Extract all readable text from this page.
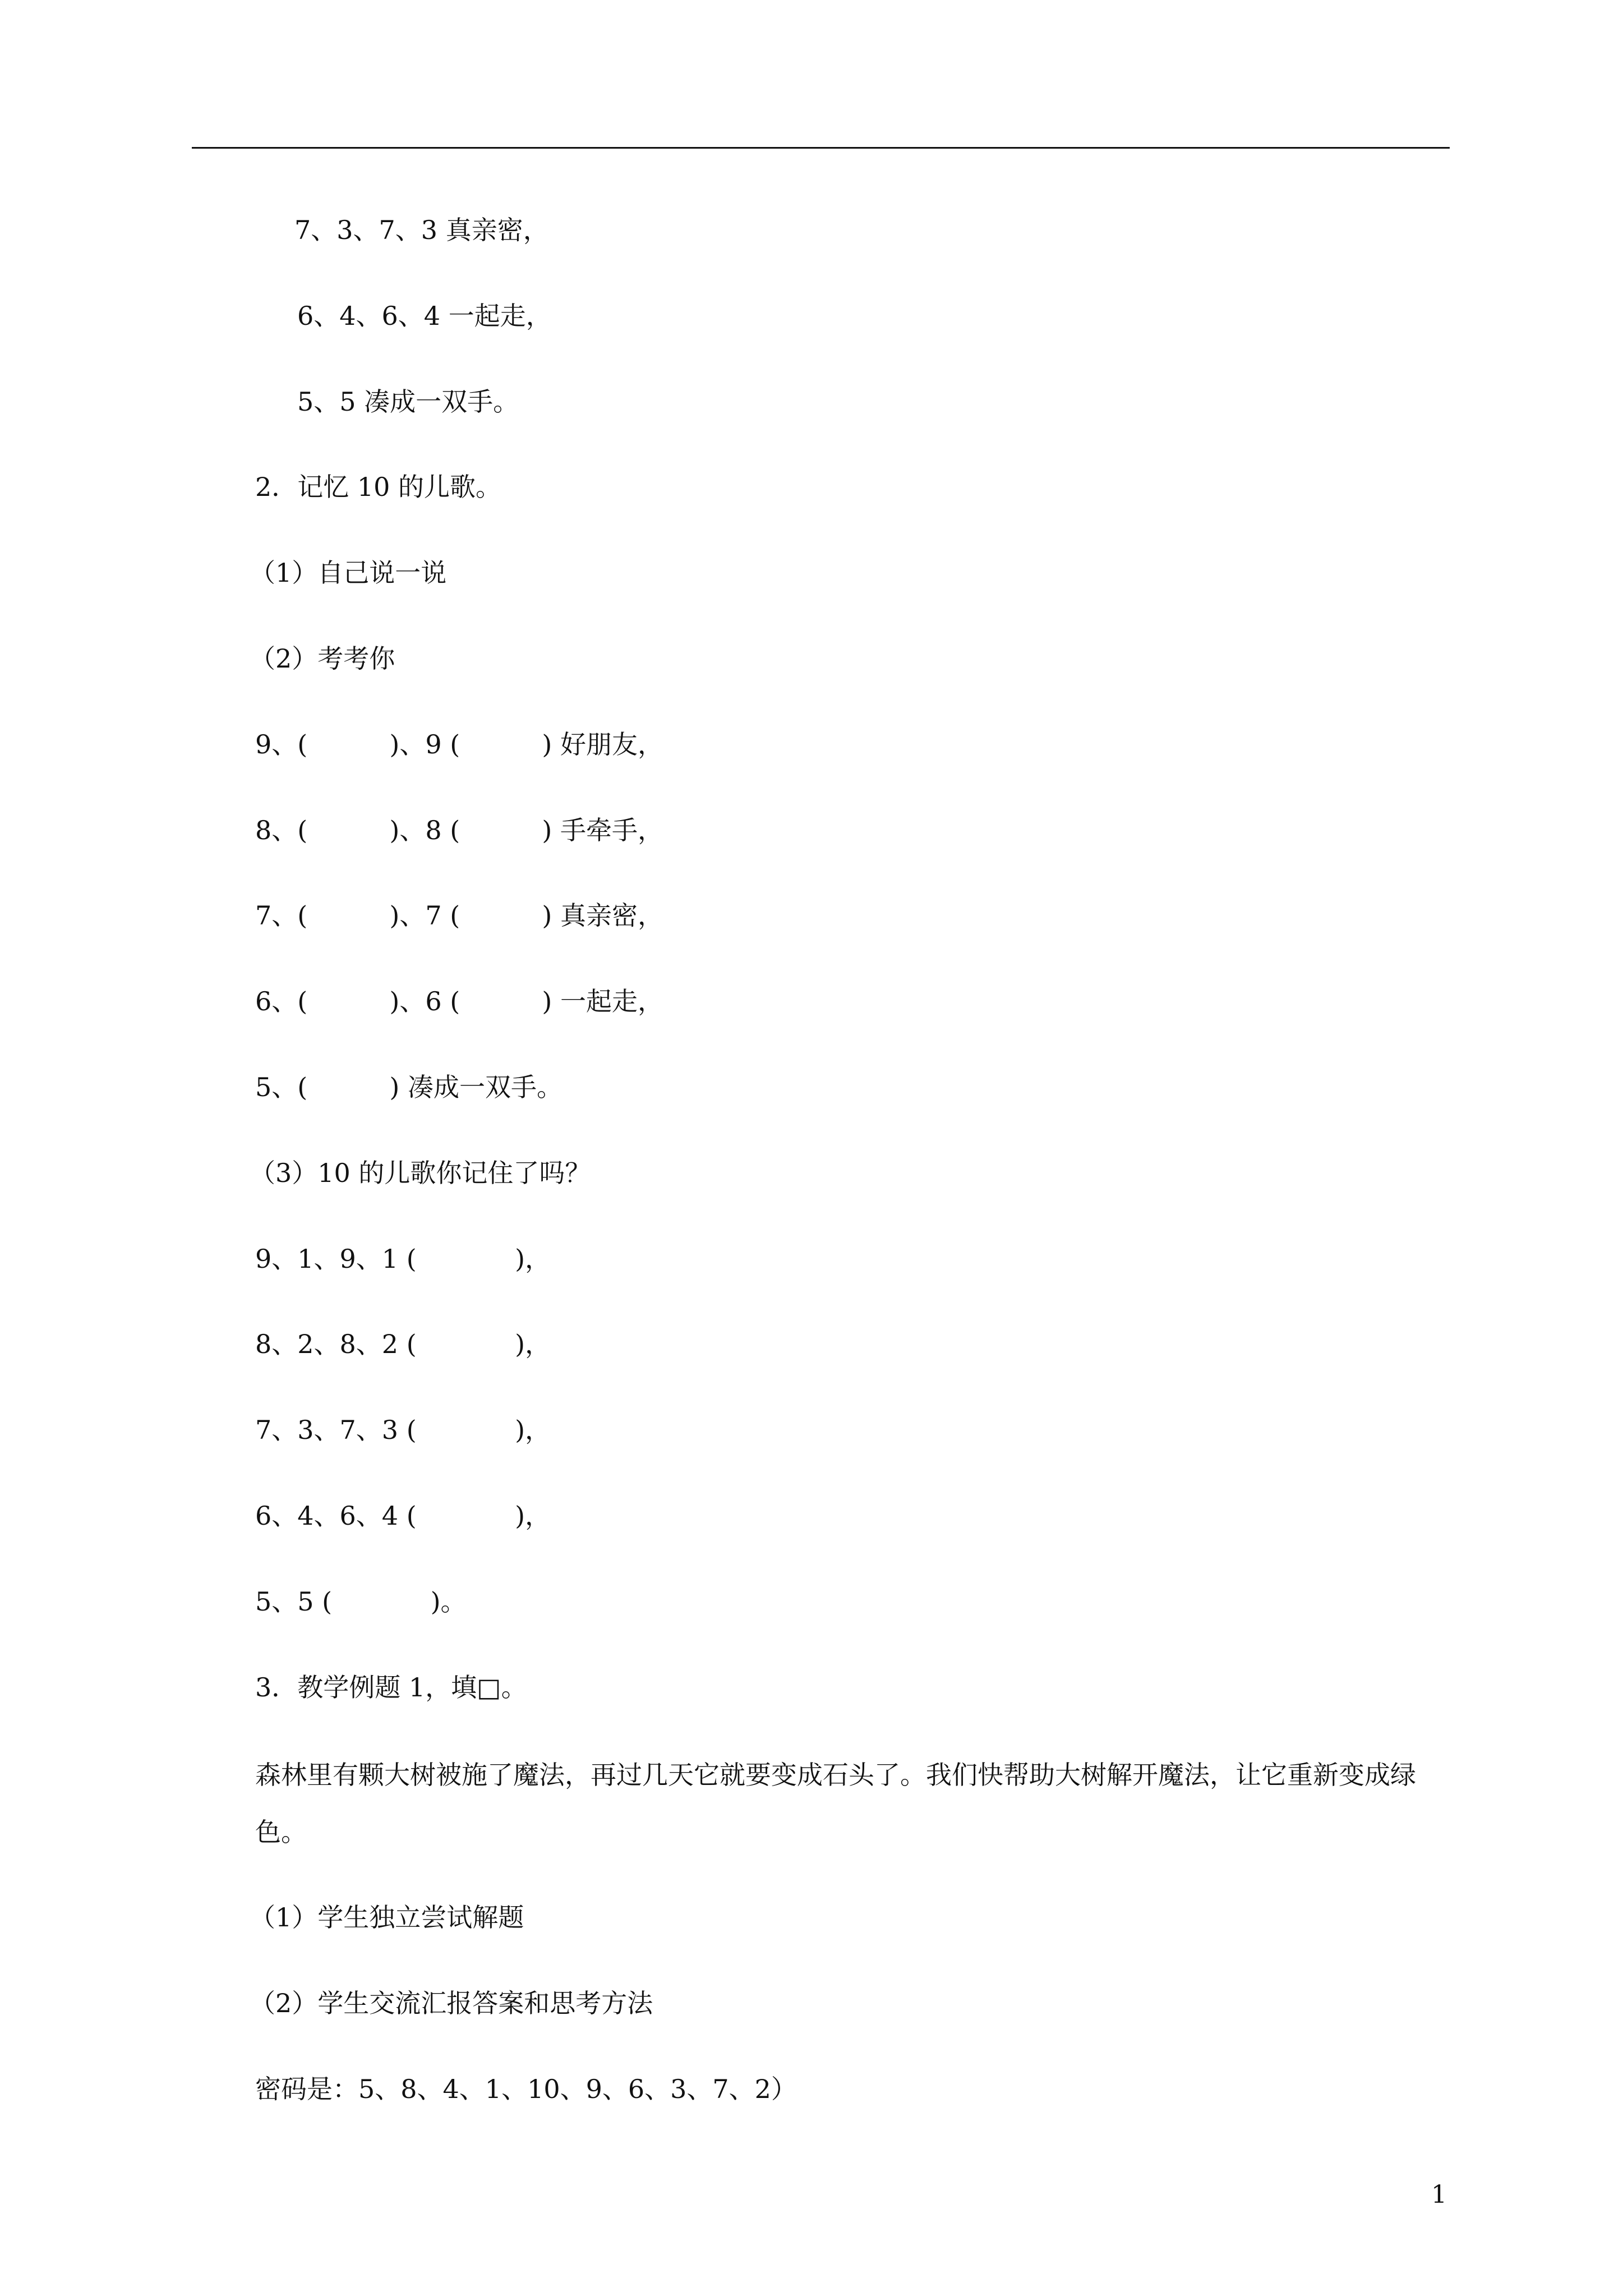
7、3、7、3 真亲密，
6、4、6、4 一起走，
5、5 凑成一双手。
2．记忆 10 的儿歌。
（1）自己说一说
（2）考考你
9、(          )、9 (          ) 好朋友，
8、(          )、8 (          ) 手牵手，
7、(          )、7 (          ) 真亲密，
6、(          )、6 (          ) 一起走，
5、(          ) 凑成一双手。
（3）10 的儿歌你记住了吗？
9、1、9、1 (            )，
8、2、8、2 (            )，
7、3、7、3 (            )，
6、4、6、4 (            )，
5、5 (            )。
3．教学例题 1，填□。
森林里有颗大树被施了魔法，再过几天它就要变成石头了。我们快帮助大树解开魔法，让它重新变成绿色。
（1）学生独立尝试解题
（2）学生交流汇报答案和思考方法
密码是：5、8、4、1、10、9、6、3、7、2）
1
